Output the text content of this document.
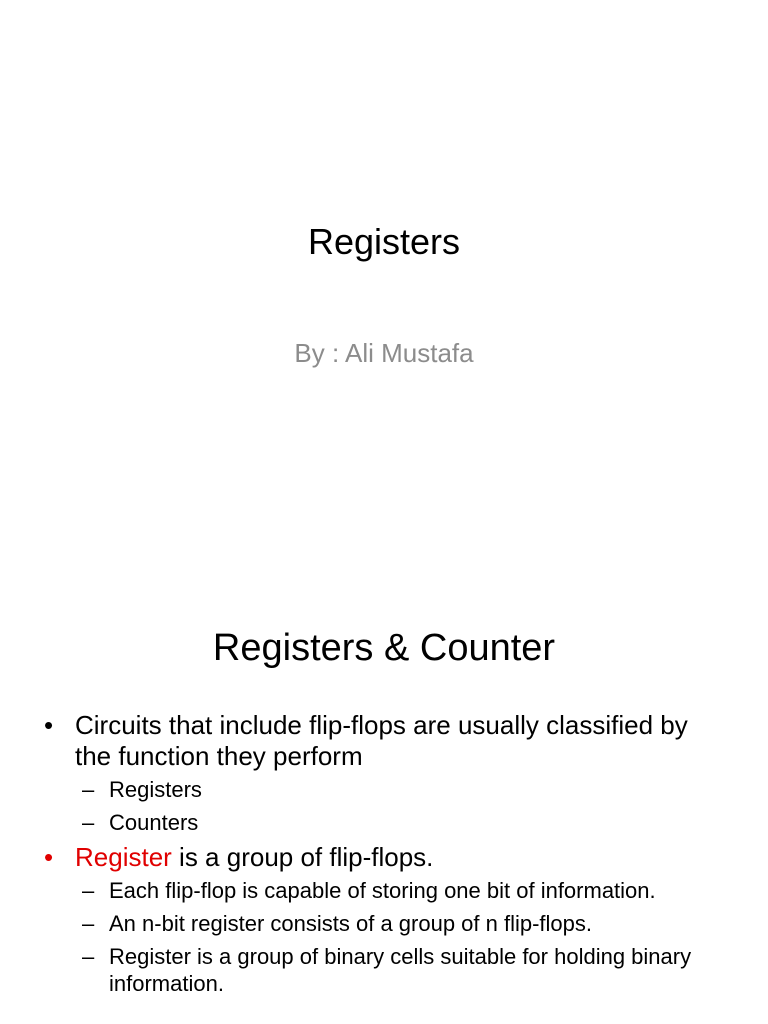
Registers
By : Ali Mustafa
Registers & Counter
• Circuits that include flip-flops are usually classified by the function they perform
– Registers
– Counters
• Register is a group of flip-flops.
– Each flip-flop is capable of storing one bit of information.
– An n-bit register consists of a group of n flip-flops.
– Register is a group of binary cells suitable for holding binary information.
